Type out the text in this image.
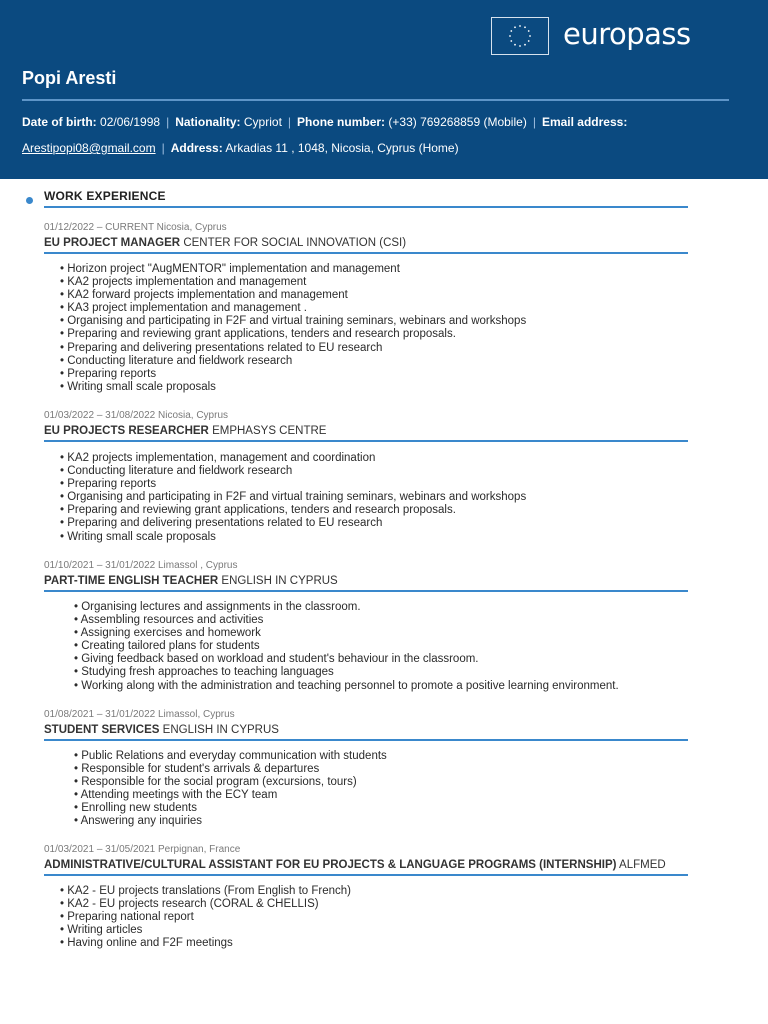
europass
Popi Aresti
Date of birth: 02/06/1998 | Nationality: Cypriot | Phone number: (+33) 769268859 (Mobile) | Email address:
Arestipopi08@gmail.com | Address: Arkadias 11 , 1048, Nicosia, Cyprus (Home)
WORK EXPERIENCE
01/12/2022 – CURRENT Nicosia, Cyprus
EU PROJECT MANAGER CENTER FOR SOCIAL INNOVATION (CSI)
• Horizon project "AugMENTOR" implementation and management
• KA2 projects implementation and management
• KA2 forward projects implementation and management
• KA3 project implementation and management .
• Organising and participating in F2F and virtual training seminars, webinars and workshops
• Preparing and reviewing grant applications, tenders and research proposals.
• Preparing and delivering presentations related to EU research
• Conducting literature and fieldwork research
• Preparing reports
• Writing small scale proposals
01/03/2022 – 31/08/2022 Nicosia, Cyprus
EU PROJECTS RESEARCHER EMPHASYS CENTRE
• KA2 projects implementation, management and coordination
• Conducting literature and fieldwork research
• Preparing reports
• Organising and participating in F2F and virtual training seminars, webinars and workshops
• Preparing and reviewing grant applications, tenders and research proposals.
• Preparing and delivering presentations related to EU research
• Writing small scale proposals
01/10/2021 – 31/01/2022 Limassol , Cyprus
PART-TIME ENGLISH TEACHER ENGLISH IN CYPRUS
• Organising lectures and assignments in the classroom.
• Assembling resources and activities
• Assigning exercises and homework
• Creating tailored plans for students
• Giving feedback based on workload and student's behaviour in the classroom.
• Studying fresh approaches to teaching languages
• Working along with the administration and teaching personnel to promote a positive learning environment.
01/08/2021 – 31/01/2022 Limassol, Cyprus
STUDENT SERVICES ENGLISH IN CYPRUS
• Public Relations and everyday communication with students
• Responsible for student's arrivals & departures
• Responsible for the social program (excursions, tours)
• Attending meetings with the ECY team
• Enrolling new students
• Answering any inquiries
01/03/2021 – 31/05/2021 Perpignan, France
ADMINISTRATIVE/CULTURAL ASSISTANT FOR EU PROJECTS & LANGUAGE PROGRAMS (INTERNSHIP) ALFMED
• KA2 - EU projects translations (From English to French)
• KA2 - EU projects research (CORAL & CHELLIS)
• Preparing national report
• Writing articles
• Having online and F2F meetings
